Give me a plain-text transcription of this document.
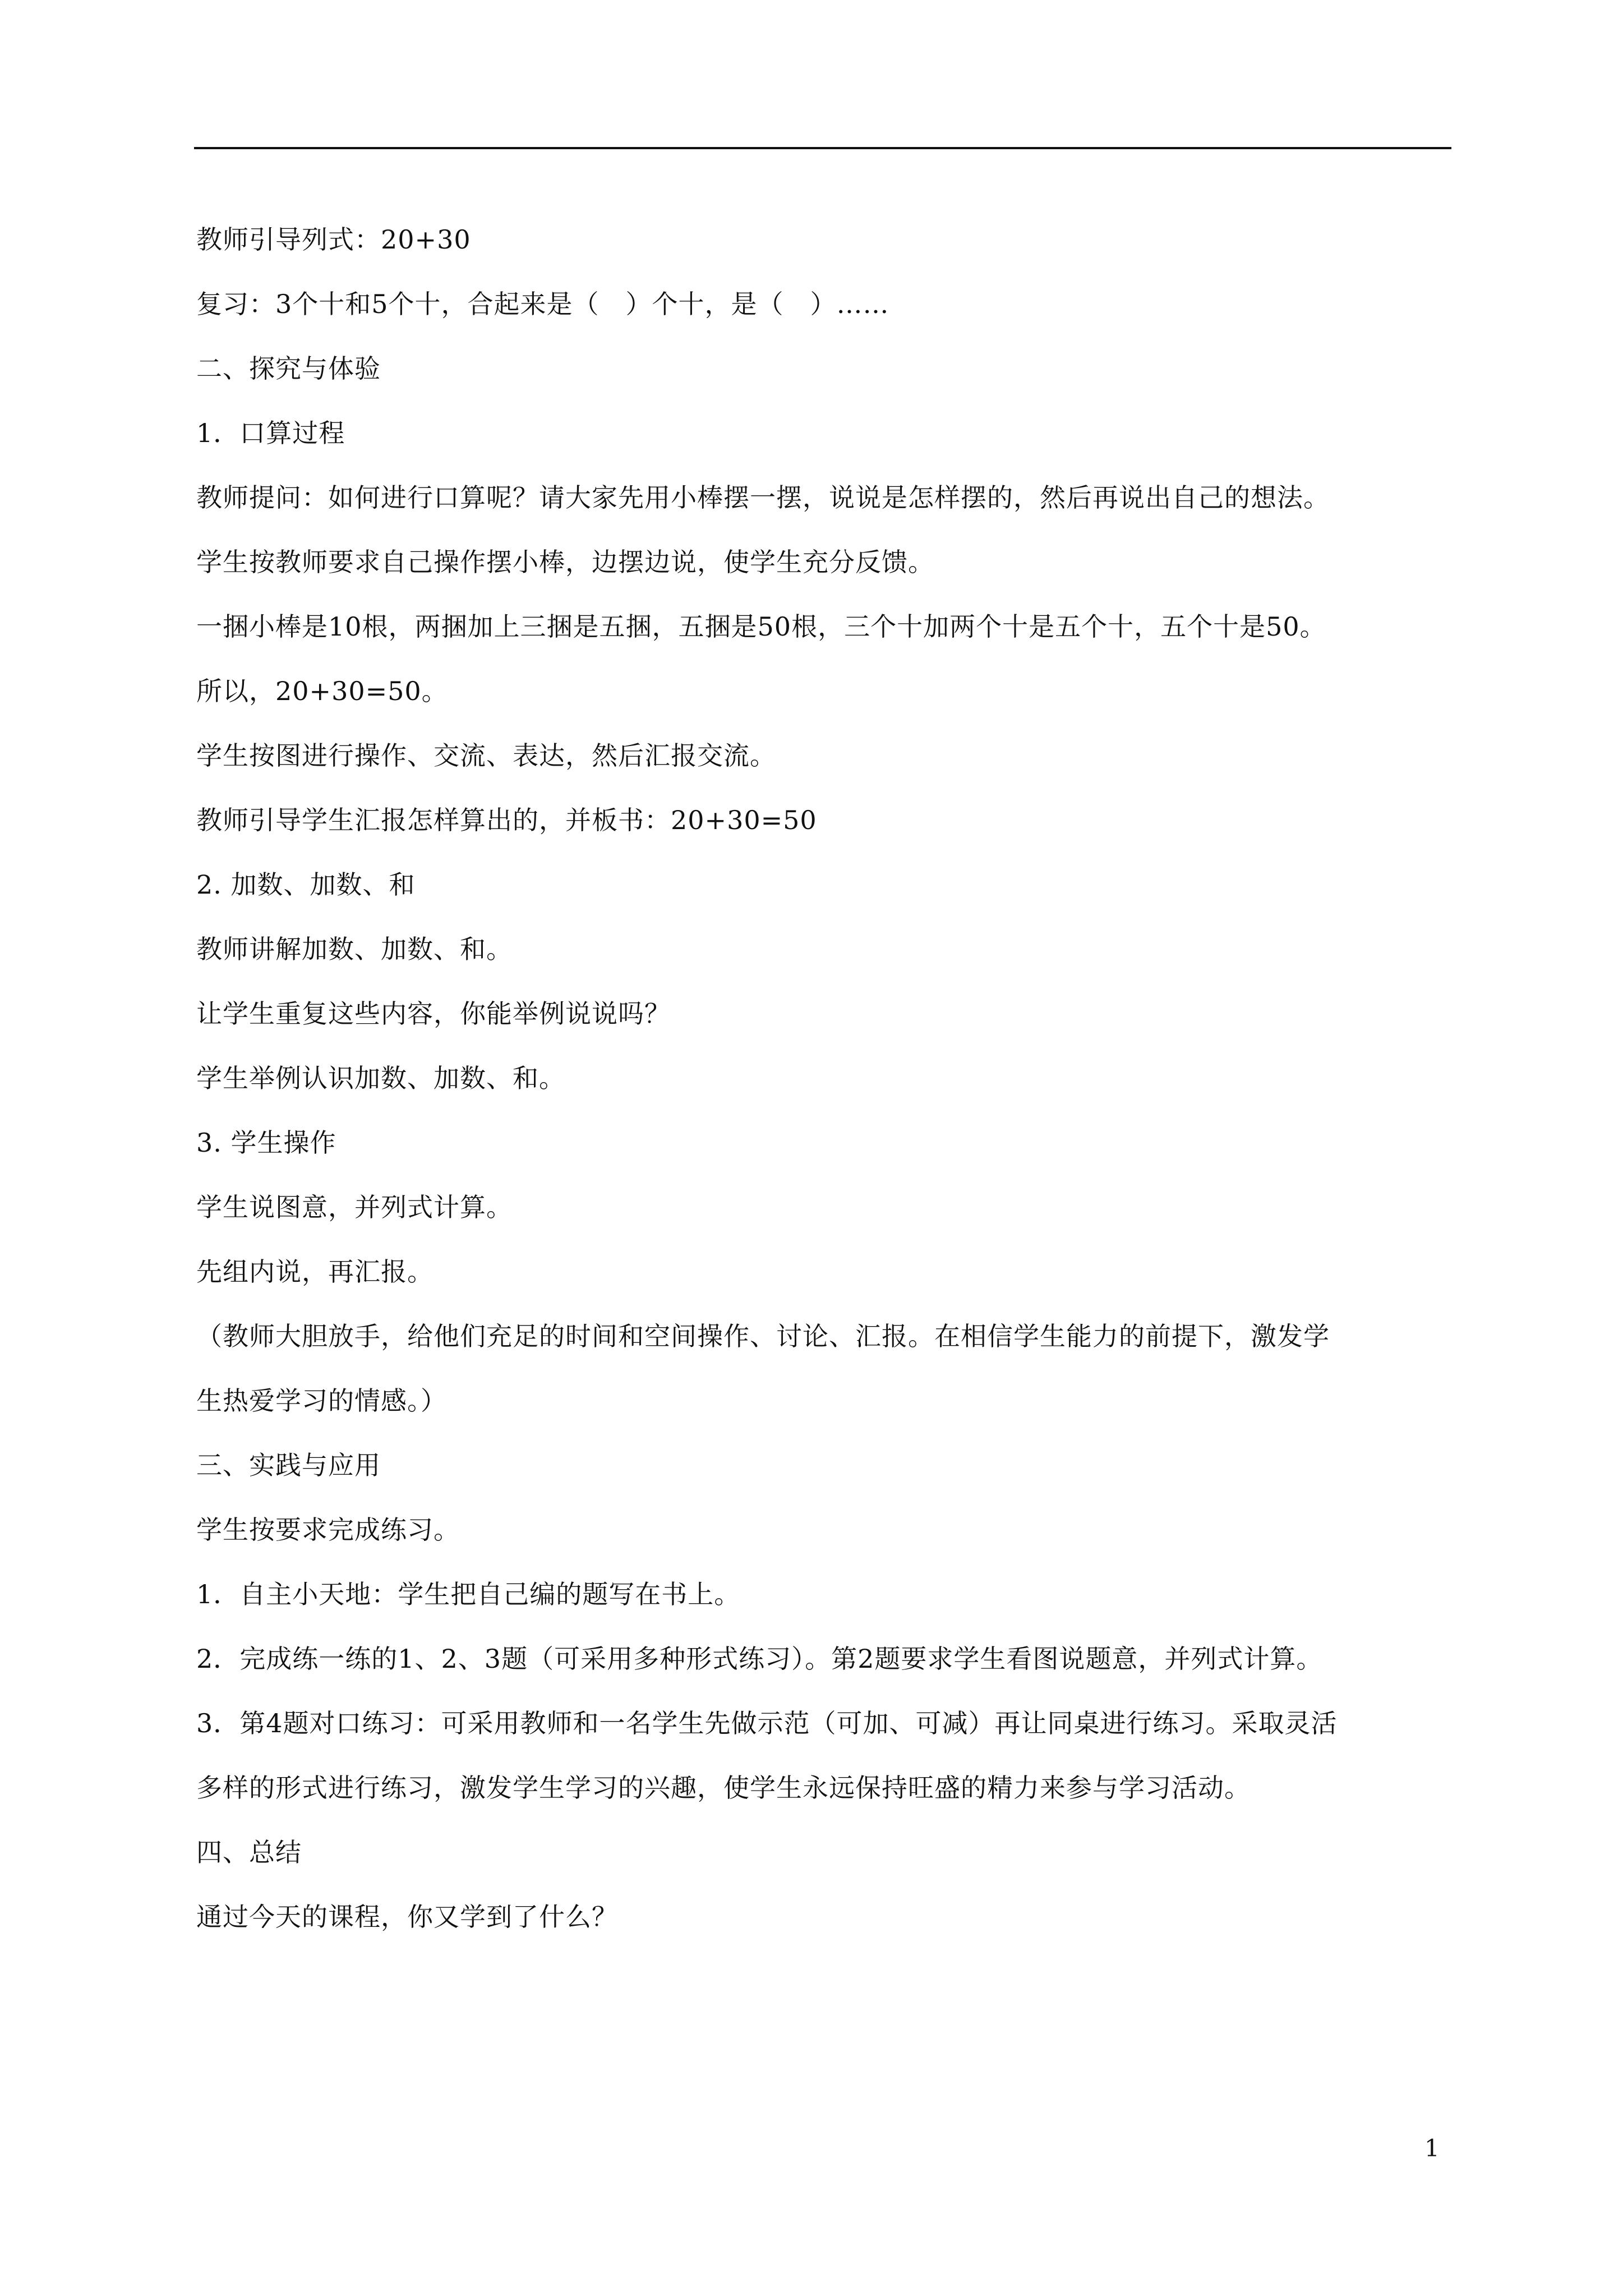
教师引导列式：20+30
复习：3个十和5个十，合起来是（　）个十，是（　）……
二、探究与体验
1．口算过程
教师提问：如何进行口算呢？请大家先用小棒摆一摆，说说是怎样摆的，然后再说出自己的想法。
学生按教师要求自己操作摆小棒，边摆边说，使学生充分反馈。
一捆小棒是10根，两捆加上三捆是五捆，五捆是50根，三个十加两个十是五个十，五个十是50。
所以，20+30=50。
学生按图进行操作、交流、表达，然后汇报交流。
教师引导学生汇报怎样算出的，并板书：20+30=50
2. 加数、加数、和
教师讲解加数、加数、和。
让学生重复这些内容，你能举例说说吗？
学生举例认识加数、加数、和。
3. 学生操作
学生说图意，并列式计算。
先组内说，再汇报。
（教师大胆放手，给他们充足的时间和空间操作、讨论、汇报。在相信学生能力的前提下，激发学
生热爱学习的情感。）
三、实践与应用
学生按要求完成练习。
1．自主小天地：学生把自己编的题写在书上。
2．完成练一练的1、2、3题（可采用多种形式练习）。第2题要求学生看图说题意，并列式计算。
3．第4题对口练习：可采用教师和一名学生先做示范（可加、可减）再让同桌进行练习。采取灵活
多样的形式进行练习，激发学生学习的兴趣，使学生永远保持旺盛的精力来参与学习活动。
四、总结
通过今天的课程，你又学到了什么？
1
